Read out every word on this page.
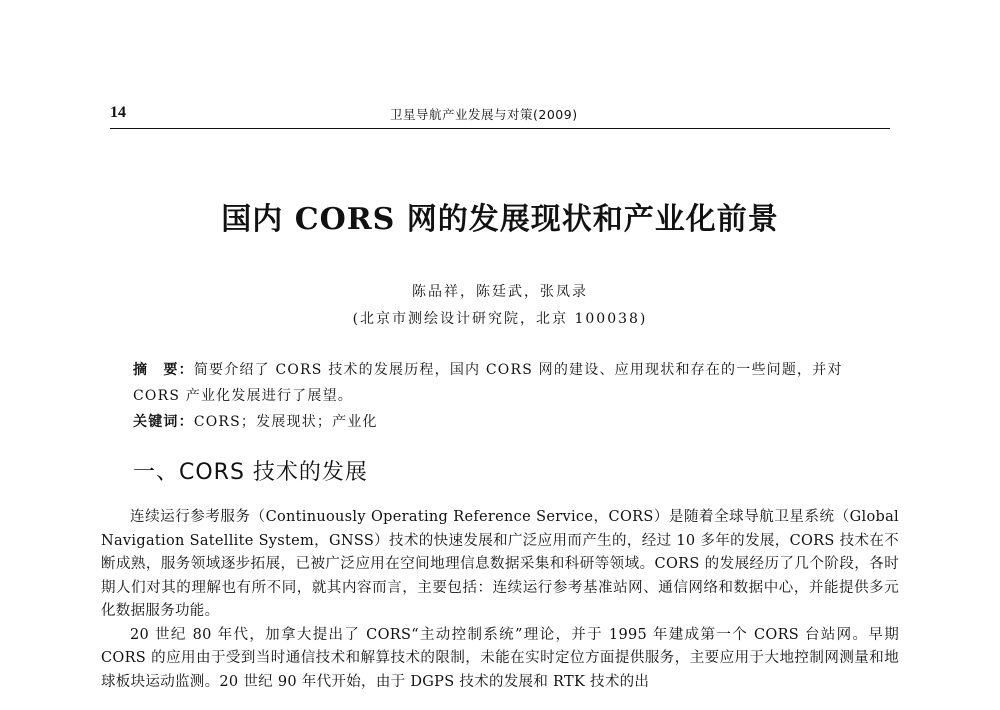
14	卫星导航产业发展与对策(2009)
国内 CORS 网的发展现状和产业化前景
陈品祥，陈廷武，张凤录
(北京市测绘设计研究院，北京 100038)
摘　要：简要介绍了 CORS 技术的发展历程，国内 CORS 网的建设、应用现状和存在的一些问题，并对 CORS 产业化发展进行了展望。
关键词：CORS；发展现状；产业化
一、CORS 技术的发展

连续运行参考服务（Continuously Operating Reference Service，CORS）是随着全球导航卫星系统（Global Navigation Satellite System，GNSS）技术的快速发展和广泛应用而产生的，经过 10 多年的发展，CORS 技术在不断成熟，服务领域逐步拓展，已被广泛应用在空间地理信息数据采集和科研等领域。CORS 的发展经历了几个阶段，各时期人们对其的理解也有所不同，就其内容而言，主要包括：连续运行参考基准站网、通信网络和数据中心，并能提供多元化数据服务功能。

20 世纪 80 年代，加拿大提出了 CORS“主动控制系统”理论，并于 1995 年建成第一个 CORS 台站网。早期 CORS 的应用由于受到当时通信技术和解算技术的限制，未能在实时定位方面提供服务，主要应用于大地控制网测量和地球板块运动监测。20 世纪 90 年代开始，由于 DGPS 技术的发展和 RTK 技术的出
